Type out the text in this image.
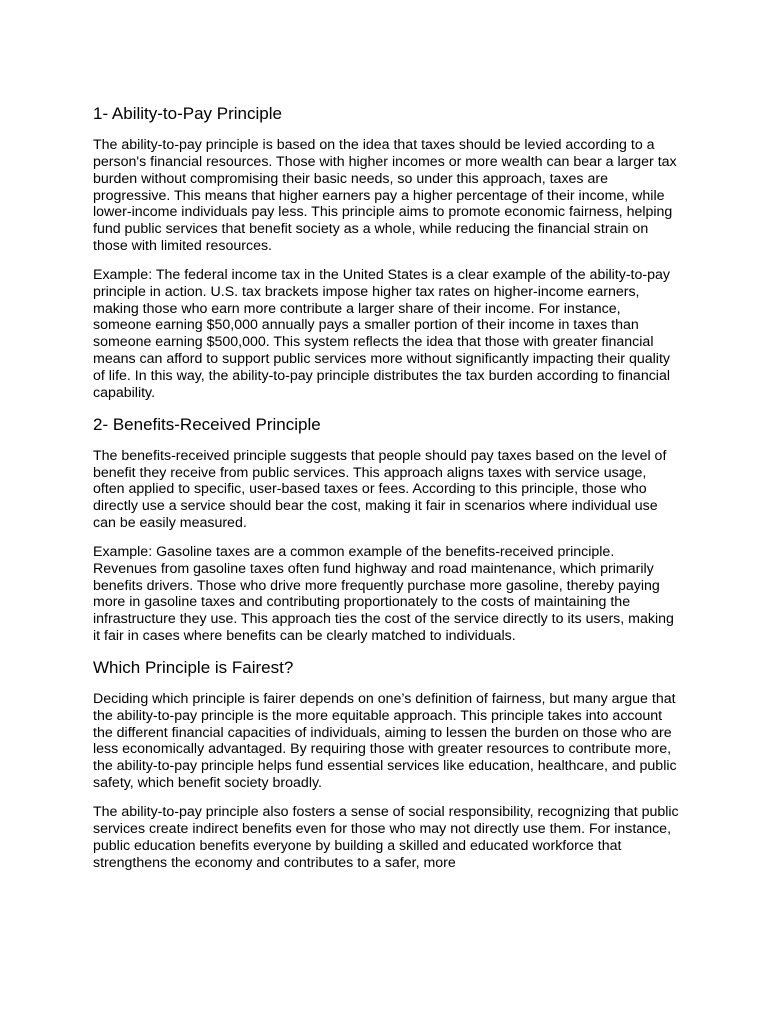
1- Ability-to-Pay Principle

The ability-to-pay principle is based on the idea that taxes should be levied according to a person's financial resources. Those with higher incomes or more wealth can bear a larger tax burden without compromising their basic needs, so under this approach, taxes are progressive. This means that higher earners pay a higher percentage of their income, while lower-income individuals pay less. This principle aims to promote economic fairness, helping fund public services that benefit society as a whole, while reducing the financial strain on those with limited resources.

Example: The federal income tax in the United States is a clear example of the ability-to-pay principle in action. U.S. tax brackets impose higher tax rates on higher-income earners, making those who earn more contribute a larger share of their income. For instance, someone earning $50,000 annually pays a smaller portion of their income in taxes than someone earning $500,000. This system reflects the idea that those with greater financial means can afford to support public services more without significantly impacting their quality of life. In this way, the ability-to-pay principle distributes the tax burden according to financial capability.

2- Benefits-Received Principle

The benefits-received principle suggests that people should pay taxes based on the level of benefit they receive from public services. This approach aligns taxes with service usage, often applied to specific, user-based taxes or fees. According to this principle, those who directly use a service should bear the cost, making it fair in scenarios where individual use can be easily measured.

Example: Gasoline taxes are a common example of the benefits-received principle. Revenues from gasoline taxes often fund highway and road maintenance, which primarily benefits drivers. Those who drive more frequently purchase more gasoline, thereby paying more in gasoline taxes and contributing proportionately to the costs of maintaining the infrastructure they use. This approach ties the cost of the service directly to its users, making it fair in cases where benefits can be clearly matched to individuals.

Which Principle is Fairest?

Deciding which principle is fairer depends on one’s definition of fairness, but many argue that the ability-to-pay principle is the more equitable approach. This principle takes into account the different financial capacities of individuals, aiming to lessen the burden on those who are less economically advantaged. By requiring those with greater resources to contribute more, the ability-to-pay principle helps fund essential services like education, healthcare, and public safety, which benefit society broadly.

The ability-to-pay principle also fosters a sense of social responsibility, recognizing that public services create indirect benefits even for those who may not directly use them. For instance, public education benefits everyone by building a skilled and educated workforce that strengthens the economy and contributes to a safer, more
